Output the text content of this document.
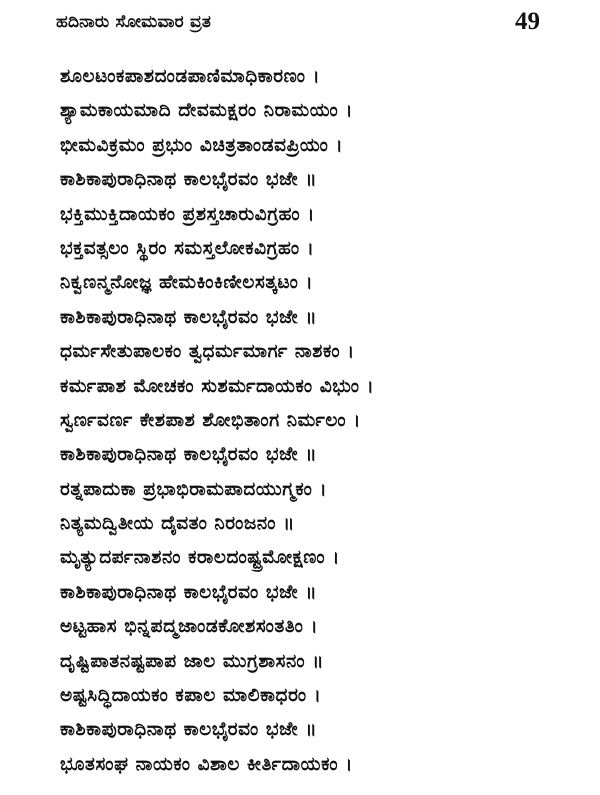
ಹದಿನಾರು ಸೋಮವಾರ ವ್ರತ	49
ಶೂಲಟಂಕಪಾಶದಂಡಪಾಣಿಮಾಧಿಕಾರಣಂ ।
ಶ್ಯಾಮಕಾಯಮಾದಿ ದೇವಮಕ್ಷರಂ ನಿರಾಮಯಂ ।
ಭೀಮವಿಕ್ರಮಂ ಪ್ರಭುಂ ವಿಚಿತ್ರತಾಂಡವಪ್ರಿಯಂ ।
ಕಾಶಿಕಾಪುರಾಧಿನಾಥ ಕಾಲಭೈರವಂ ಭಜೇ ॥
ಭಕ್ತಿಮುಕ್ತಿದಾಯಕಂ ಪ್ರಶಸ್ತಚಾರುವಿಗ್ರಹಂ ।
ಭಕ್ತವತ್ಸಲಂ ಸ್ಥಿರಂ ಸಮಸ್ತಲೋಕವಿಗ್ರಹಂ ।
ನಿಕ್ವಣನ್ಮನೋಜ್ಞ ಹೇಮಕಿಂಕಿಣೀಲಸತ್ಕಟಂ ।
ಕಾಶಿಕಾಪುರಾಧಿನಾಥ ಕಾಲಭೈರವಂ ಭಜೇ ॥
ಧರ್ಮಸೇತುಪಾಲಕಂ ತ್ವಧರ್ಮಮಾರ್ಗ ನಾಶಕಂ ।
ಕರ್ಮಪಾಶ ಮೋಚಕಂ ಸುಶರ್ಮದಾಯಕಂ ವಿಭುಂ ।
ಸ್ವರ್ಣವರ್ಣ ಕೇಶಪಾಶ ಶೋಭಿತಾಂಗ ನಿರ್ಮಲಂ ।
ಕಾಶಿಕಾಪುರಾಧಿನಾಥ ಕಾಲಭೈರವಂ ಭಜೇ ॥
ರತ್ನಪಾದುಕಾ ಪ್ರಭಾಭಿರಾಮಪಾದಯುಗ್ಮಕಂ ।
ನಿತ್ಯಮದ್ವಿತೀಯ ದೈವತಂ ನಿರಂಜನಂ ॥
ಮೃತ್ಯುದರ್ಪನಾಶನಂ ಕರಾಲದಂಷ್ಟ್ರಮೋಕ್ಷಣಂ ।
ಕಾಶಿಕಾಪುರಾಧಿನಾಥ ಕಾಲಭೈರವಂ ಭಜೇ ॥
ಅಟ್ಟಹಾಸ ಭಿನ್ನಪದ್ಮಜಾಂಡಕೋಶಸಂತತಿಂ ।
ದೃಷ್ಟಿಪಾತನಷ್ಟಪಾಪ ಜಾಲ ಮುಗ್ರಶಾಸನಂ ॥
ಅಷ್ಟಸಿದ್ಧಿದಾಯಕಂ ಕಪಾಲ ಮಾಲಿಕಾಧರಂ ।
ಕಾಶಿಕಾಪುರಾಧಿನಾಥ ಕಾಲಭೈರವಂ ಭಜೇ ॥
ಭೂತಸಂಘ ನಾಯಕಂ ವಿಶಾಲ ಕೀರ್ತಿದಾಯಕಂ ।
